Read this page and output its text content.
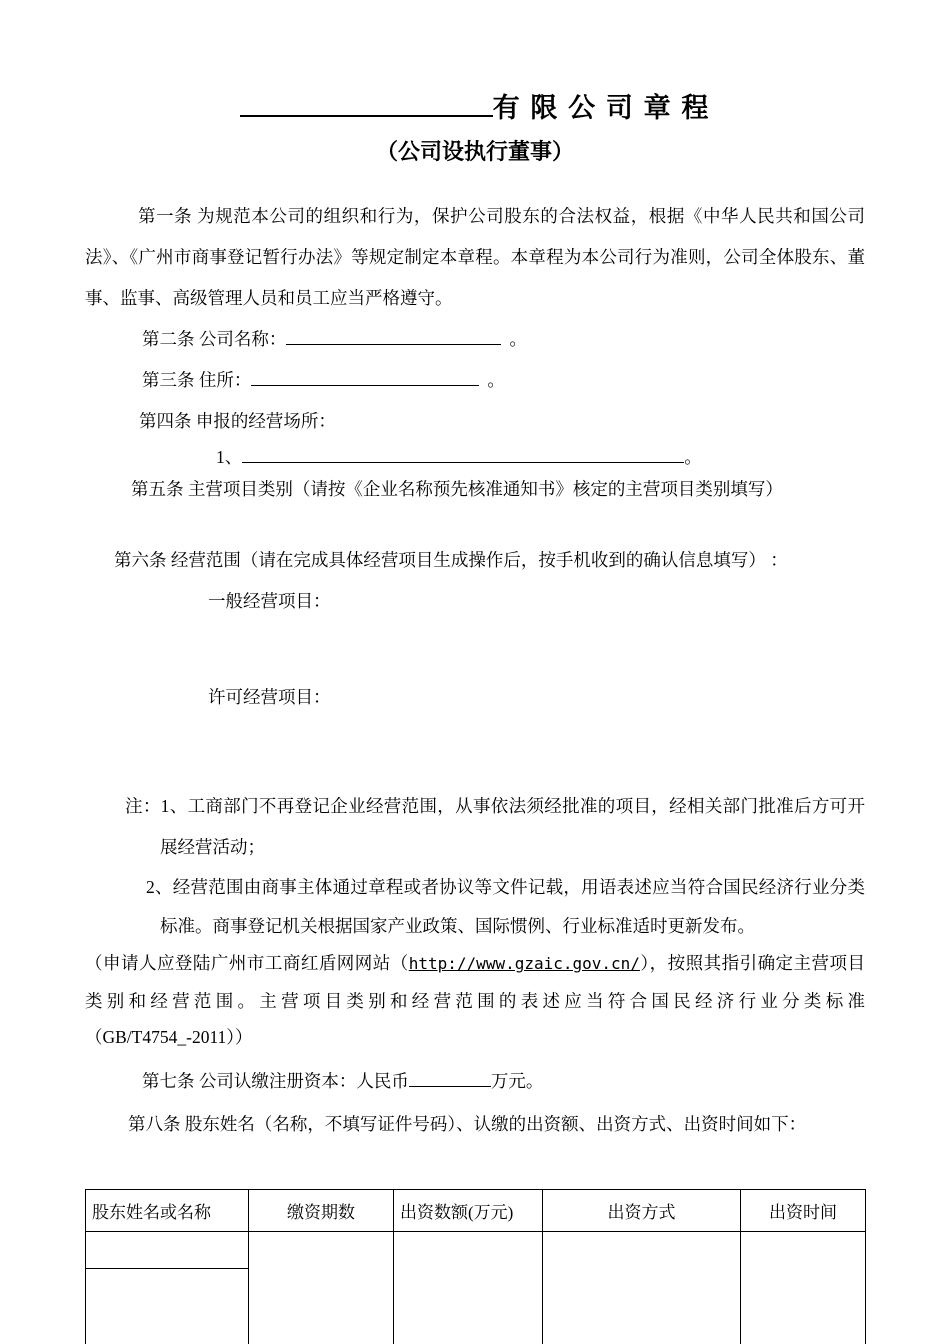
有 限 公 司 章 程
（公司设执行董事）

第一条 为规范本公司的组织和行为，保护公司股东的合法权益，根据《中华人民共和国公司法》、《广州市商事登记暂行办法》等规定制定本章程。本章程为本公司行为准则，公司全体股东、董事、监事、高级管理人员和员工应当严格遵守。

第二条 公司名称：	。

第三条 住所：	。

第四条 申报的经营场所：

1、	。

第五条 主营项目类别（请按《企业名称预先核准通知书》核定的主营项目类别填写）

第六条 经营范围（请在完成具体经营项目生成操作后，按手机收到的确认信息填写） ：

一般经营项目：

许可经营项目：

注：1、工商部门不再登记企业经营范围，从事依法须经批准的项目，经相关部门批准后方可开展经营活动；

2、经营范围由商事主体通过章程或者协议等文件记载，用语表述应当符合国民经济行业分类标准。商事登记机关根据国家产业政策、国际惯例、行业标准适时更新发布。

（申请人应登陆广州市工商红盾网网站（http://www.gzaic.gov.cn/），按照其指引确定主营项目类别和经营范围。主营项目类别和经营范围的表述应当符合国民经济行业分类标准（GB/T4754_-2011））

第七条 公司认缴注册资本：人民币	万元。

第八条 股东姓名（名称，不填写证件号码）、认缴的出资额、出资方式、出资时间如下：

股东姓名或名称	缴资期数	出资数额(万元)	出资方式	出资时间
